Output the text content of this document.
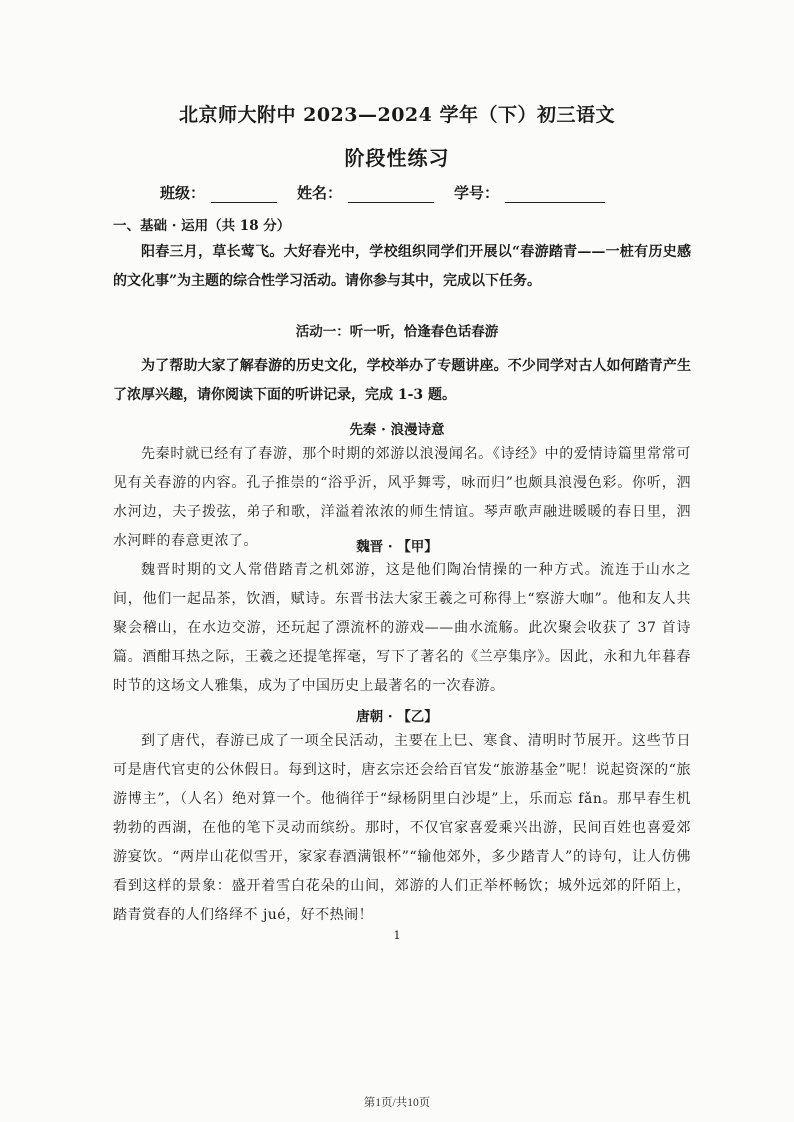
北京师大附中 2023—2024 学年（下）初三语文
阶段性练习
班级：	姓名：	学号：
一、基础 · 运用（共 18 分）
阳春三月，草长莺飞。大好春光中，学校组织同学们开展以“春游踏青——一桩有历史感的文化事”为主题的综合性学习活动。请你参与其中，完成以下任务。
活动一：听一听，恰逢春色话春游
为了帮助大家了解春游的历史文化，学校举办了专题讲座。不少同学对古人如何踏青产生了浓厚兴趣，请你阅读下面的听讲记录，完成 1-3 题。
先秦 · 浪漫诗意
先秦时就已经有了春游，那个时期的郊游以浪漫闻名。《诗经》中的爱情诗篇里常常可见有关春游的内容。孔子推崇的“浴乎沂，风乎舞雩，咏而归”也颇具浪漫色彩。你听，泗水河边，夫子拨弦，弟子和歌，洋溢着浓浓的师生情谊。琴声歌声融进暖暖的春日里，泗水河畔的春意更浓了。	魏晋 · 【甲】
魏晋时期的文人常借踏青之机郊游，这是他们陶冶情操的一种方式。流连于山水之间，他们一起品茶，饮酒，赋诗。东晋书法大家王羲之可称得上“察游大咖”。他和友人共聚会稽山，在水边交游，还玩起了漂流杯的游戏——曲水流觞。此次聚会收获了 37 首诗篇。酒酣耳热之际，王羲之还提笔挥毫，写下了著名的《兰亭集序》。因此，永和九年暮春时节的这场文人雅集，成为了中国历史上最著名的一次春游。
唐朝 · 【乙】
到了唐代，春游已成了一项全民活动，主要在上巳、寒食、清明时节展开。这些节日可是唐代官吏的公休假日。每到这时，唐玄宗还会给百官发“旅游基金”呢！说起资深的“旅游博主”，（人名）绝对算一个。他徜徉于“绿杨阴里白沙堤”上，乐而忘 fǎn。那早春生机勃勃的西湖，在他的笔下灵动而缤纷。那时，不仅官家喜爱乘兴出游，民间百姓也喜爱郊游宴饮。“两岸山花似雪开，家家春酒满银杯”“输他郊外，多少踏青人”的诗句，让人仿佛看到这样的景象：盛开着雪白花朵的山间，郊游的人们正举杯畅饮；城外远郊的阡陌上，踏青赏春的人们络绎不 jué，好不热闹！
1
第1页/共10页
